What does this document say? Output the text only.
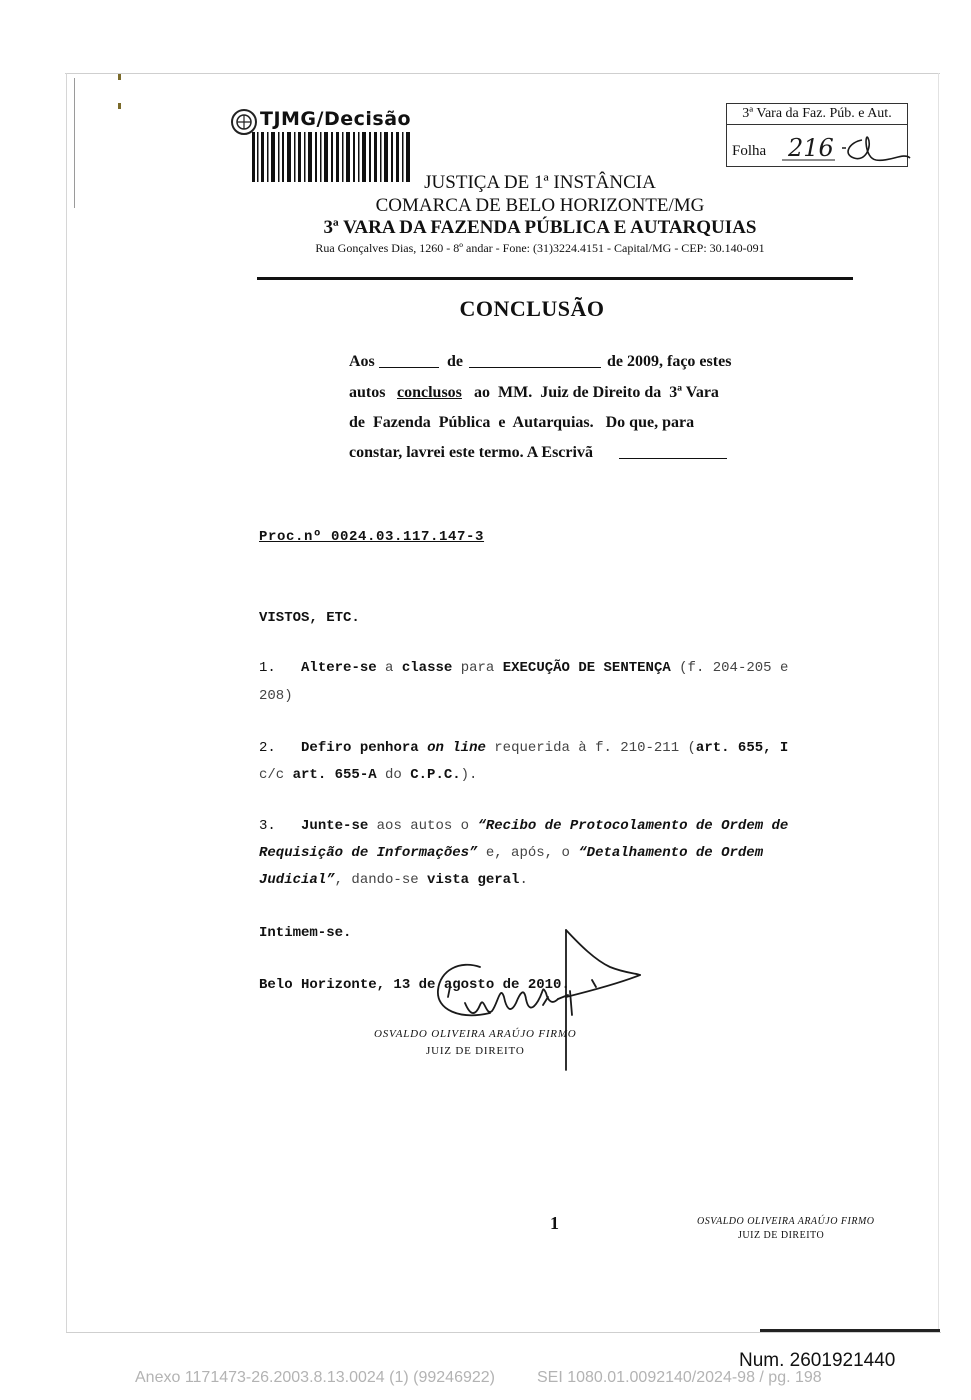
TJMG/Decisão	3ª Vara da Faz. Púb. e Aut.
Folha 216
JUSTIÇA DE 1ª INSTÂNCIA
COMARCA DE BELO HORIZONTE/MG
3ª VARA DA FAZENDA PÚBLICA E AUTARQUIAS
Rua Gonçalves Dias, 1260 - 8º andar - Fone: (31)3224.4151 - Capital/MG - CEP: 30.140-091
CONCLUSÃO
Aos	de	de 2009, faço estes
autos conclusos ao  MM.  Juiz de Direito da  3ª Vara
de  Fazenda  Pública  e  Autarquias.   Do que, para
constar, lavrei este termo. A Escrivã
Proc.nº 0024.03.117.147-3
VISTOS, ETC.
1. Altere-se a classe para EXECUÇÃO DE SENTENÇA (f. 204-205 e
208)
2. Defiro penhora on line requerida à f. 210-211 (art. 655, I
c/c art. 655-A do C.P.C.).
3. Junte-se aos autos o “Recibo de Protocolamento de Ordem de
Requisição de Informações” e, após, o “Detalhamento de Ordem
Judicial”, dando-se vista geral.
Intimem-se.
Belo Horizonte, 13 de agosto de 2010.
OSVALDO OLIVEIRA ARAÚJO FIRMO
JUIZ DE DIREITO
1	OSVALDO OLIVEIRA ARAÚJO FIRMO
JUIZ DE DIREITO
Num. 2601921440
Anexo 1171473-26.2003.8.13.0024 (1) (99246922)	SEI 1080.01.0092140/2024-98 / pg. 198
